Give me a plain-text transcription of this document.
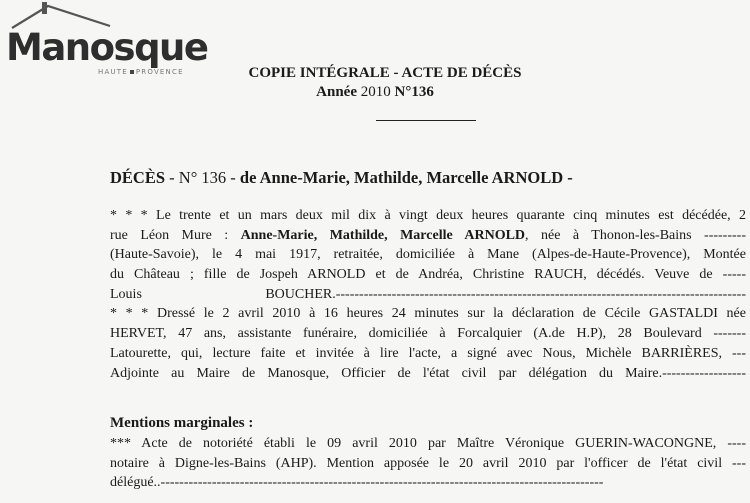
Manosque
HAUTE PROVENCE	COPIE INTÉGRALE - ACTE DE DÉCÈS
Année 2010 N°136
DÉCÈS - N° 136 - de Anne-Marie, Mathilde, Marcelle ARNOLD -
* * * Le trente et un mars deux mil dix à vingt deux heures quarante cinq minutes est décédée, 2
rue Léon Mure : Anne-Marie, Mathilde, Marcelle ARNOLD, née à Thonon-les-Bains ---------
(Haute-Savoie), le 4 mai 1917, retraitée, domiciliée à Mane (Alpes-de-Haute-Provence), Montée
du Château ; fille de Jospeh ARNOLD et de Andréa, Christine RAUCH, décédés. Veuve de -----
Louis BOUCHER.----------------------------------------------------------------------------------------
* * * Dressé le 2 avril 2010 à 16 heures 24 minutes sur la déclaration de Cécile GASTALDI née
HERVET, 47 ans, assistante funéraire, domiciliée à Forcalquier (A.de H.P), 28 Boulevard -------
Latourette, qui, lecture faite et invitée à lire l'acte, a signé avec Nous, Michèle BARRIÈRES, ---
Adjointe au Maire de Manosque, Officier de l'état civil par délégation du Maire.------------------
Mentions marginales :
*** Acte de notoriété établi le 09 avril 2010 par Maître Véronique GUERIN-WACONGNE, ----
notaire à Digne-les-Bains (AHP). Mention apposée le 20 avril 2010 par l'officer de l'état civil ---
délégué..-----------------------------------------------------------------------------------------------
